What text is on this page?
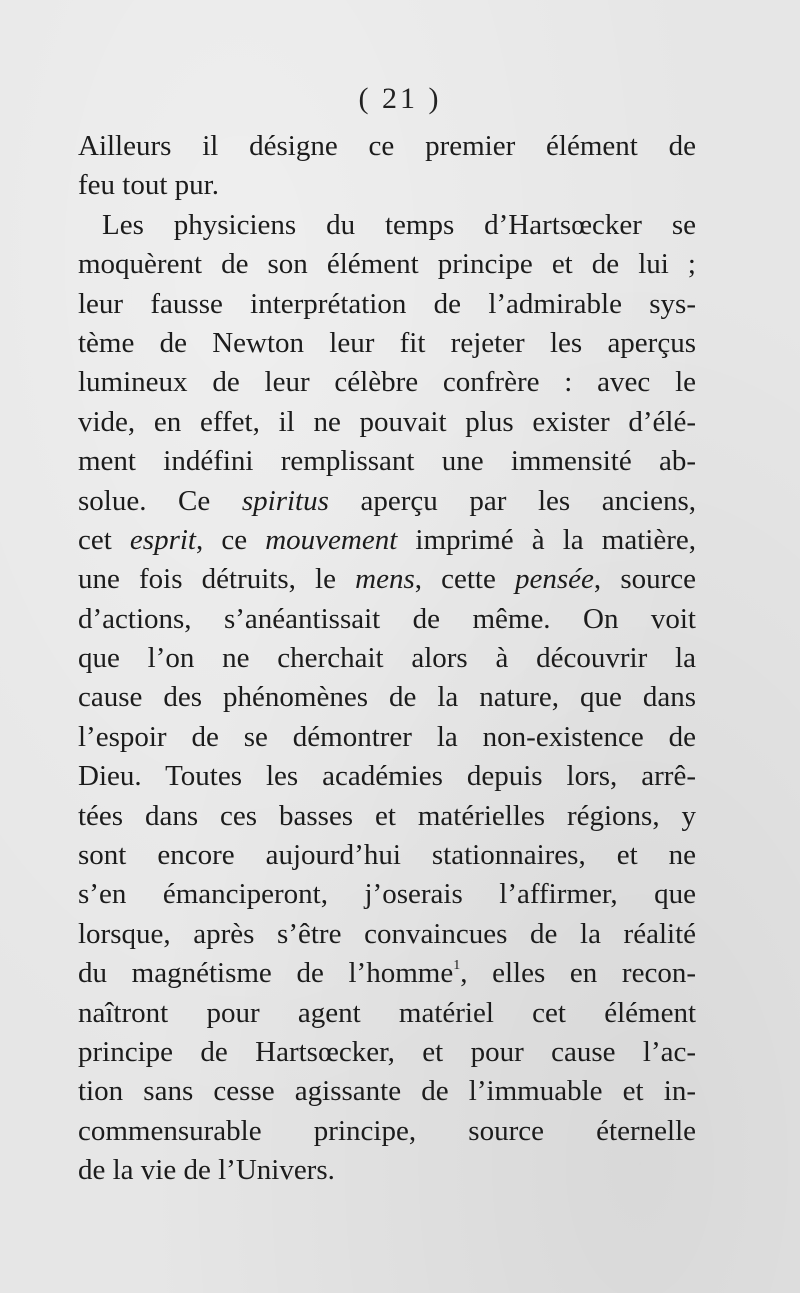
( 21 )
Ailleurs il désigne ce premier élément de
feu tout pur.
Les physiciens du temps d’Hartsœcker se
moquèrent de son élément principe et de lui ;
leur fausse interprétation de l’admirable sys-
tème de Newton leur fit rejeter les aperçus
lumineux de leur célèbre confrère : avec le
vide, en effet, il ne pouvait plus exister d’élé-
ment indéfini remplissant une immensité ab-
solue. Ce spiritus aperçu par les anciens,
cet esprit, ce mouvement imprimé à la matière,
une fois détruits, le mens, cette pensée, source
d’actions, s’anéantissait de même. On voit
que l’on ne cherchait alors à découvrir la
cause des phénomènes de la nature, que dans
l’espoir de se démontrer la non-existence de
Dieu. Toutes les académies depuis lors, arrê-
tées dans ces basses et matérielles régions, y
sont encore aujourd’hui stationnaires, et ne
s’en émanciperont, j’oserais l’affirmer, que
lorsque, après s’être convaincues de la réalité
du magnétisme de l’homme$^1$, elles en recon-
naîtront pour agent matériel cet élément
principe de Hartsœcker, et pour cause l’ac-
tion sans cesse agissante de l’immuable et in-
commensurable principe, source éternelle
de la vie de l’Univers.
